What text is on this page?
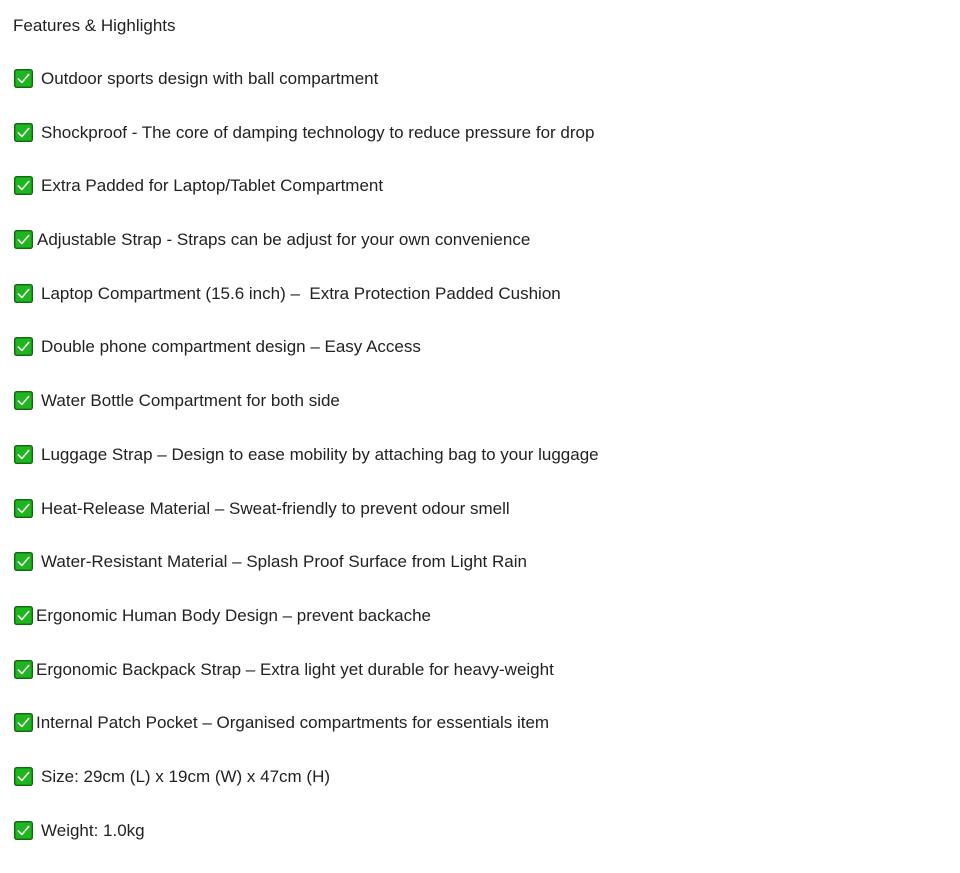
Features & Highlights
Outdoor sports design with ball compartment
Shockproof - The core of damping technology to reduce pressure for drop
Extra Padded for Laptop/Tablet Compartment
Adjustable Strap - Straps can be adjust for your own convenience
Laptop Compartment (15.6 inch) –  Extra Protection Padded Cushion
Double phone compartment design – Easy Access
Water Bottle Compartment for both side
Luggage Strap – Design to ease mobility by attaching bag to your luggage
Heat-Release Material – Sweat-friendly to prevent odour smell
Water-Resistant Material – Splash Proof Surface from Light Rain
Ergonomic Human Body Design – prevent backache
Ergonomic Backpack Strap – Extra light yet durable for heavy-weight
Internal Patch Pocket – Organised compartments for essentials item
Size: 29cm (L) x 19cm (W) x 47cm (H)
Weight: 1.0kg
